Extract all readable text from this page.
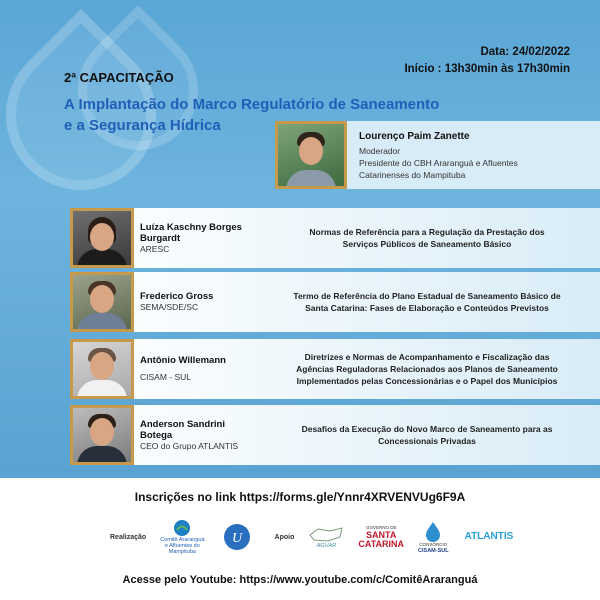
Data: 24/02/2022
Início : 13h30min às 17h30min
2ª CAPACITAÇÃO
A Implantação do Marco Regulatório de Saneamento
e a Segurança Hídrica
Lourenço Paim Zanette
Moderador
Presidente do CBH Araranguá e Afluentes
Catarinenses do Mampituba
Luíza Kaschny Borges
Burgardt
ARESC
Normas de Referência para a Regulação da Prestação dos
Serviços Públicos de Saneamento Básico
Frederico Gross
SEMA/SDE/SC
Termo de Referência do Plano Estadual de Saneamento Básico de
Santa Catarina: Fases de Elaboração e Conteúdos Previstos
Antônio Willemann
CISAM - SUL
Diretrizes e Normas de Acompanhamento e Fiscalização das
Agências Reguladoras Relacionados aos Planos de Saneamento
Implementados pelas Concessionárias e o Papel dos Municípios
Anderson Sandrini
Botega
CEO do Grupo ATLANTIS
Desafios da Execução do Novo Marco de Saneamento para as
Concessionais Privadas
Inscrições no link https://forms.gle/Ynnr4XRVENVUg6F9A
Realização	Comitê Araranguá
e Afluentes do
Mampituba
U	Apoio
AGUAR
GOVERNO DE
SANTA
CATARINA	CONSÓRCIO
CISAM-SUL
ATLANTIS
Acesse pelo Youtube: https://www.youtube.com/c/ComitêAraranguá
